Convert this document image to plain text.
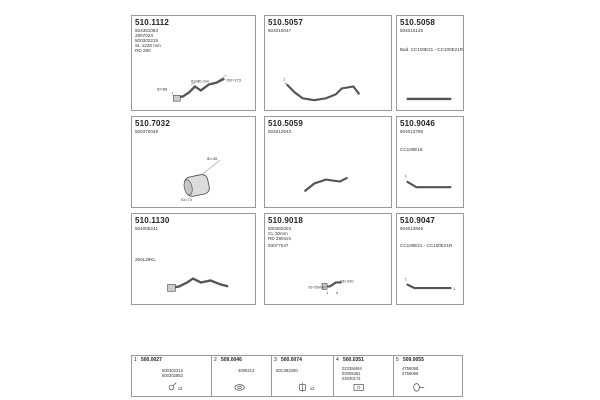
510.1112
504381083
2807024
500302215
SL 1226 mm
RD 280
ID=30 mm	OD=273
ID=88
1
510.5057
504010047
1
510.5058
504010145
Bad. CC100E21 - CC100E21R
510.7032
500370049
ID=45
ID=73
510.5059
504012543
510.9046
504013795
CC100E18
1
510.1130
504005241
260L29KL
510.9018
500382003
CL 30mm
RD 280mm
93077047
ID=50mm
OD-020
1 4
510.9047
504013845
CC100E21 - CC100E21R
1
1
1 500.0027
500302212
500302853
x2
2 509.0046
4005213
3 500.0074
50C382280
x2
4 500.0351
0233M484
02005461
02030174
5 509.0055
4756068
4756069
